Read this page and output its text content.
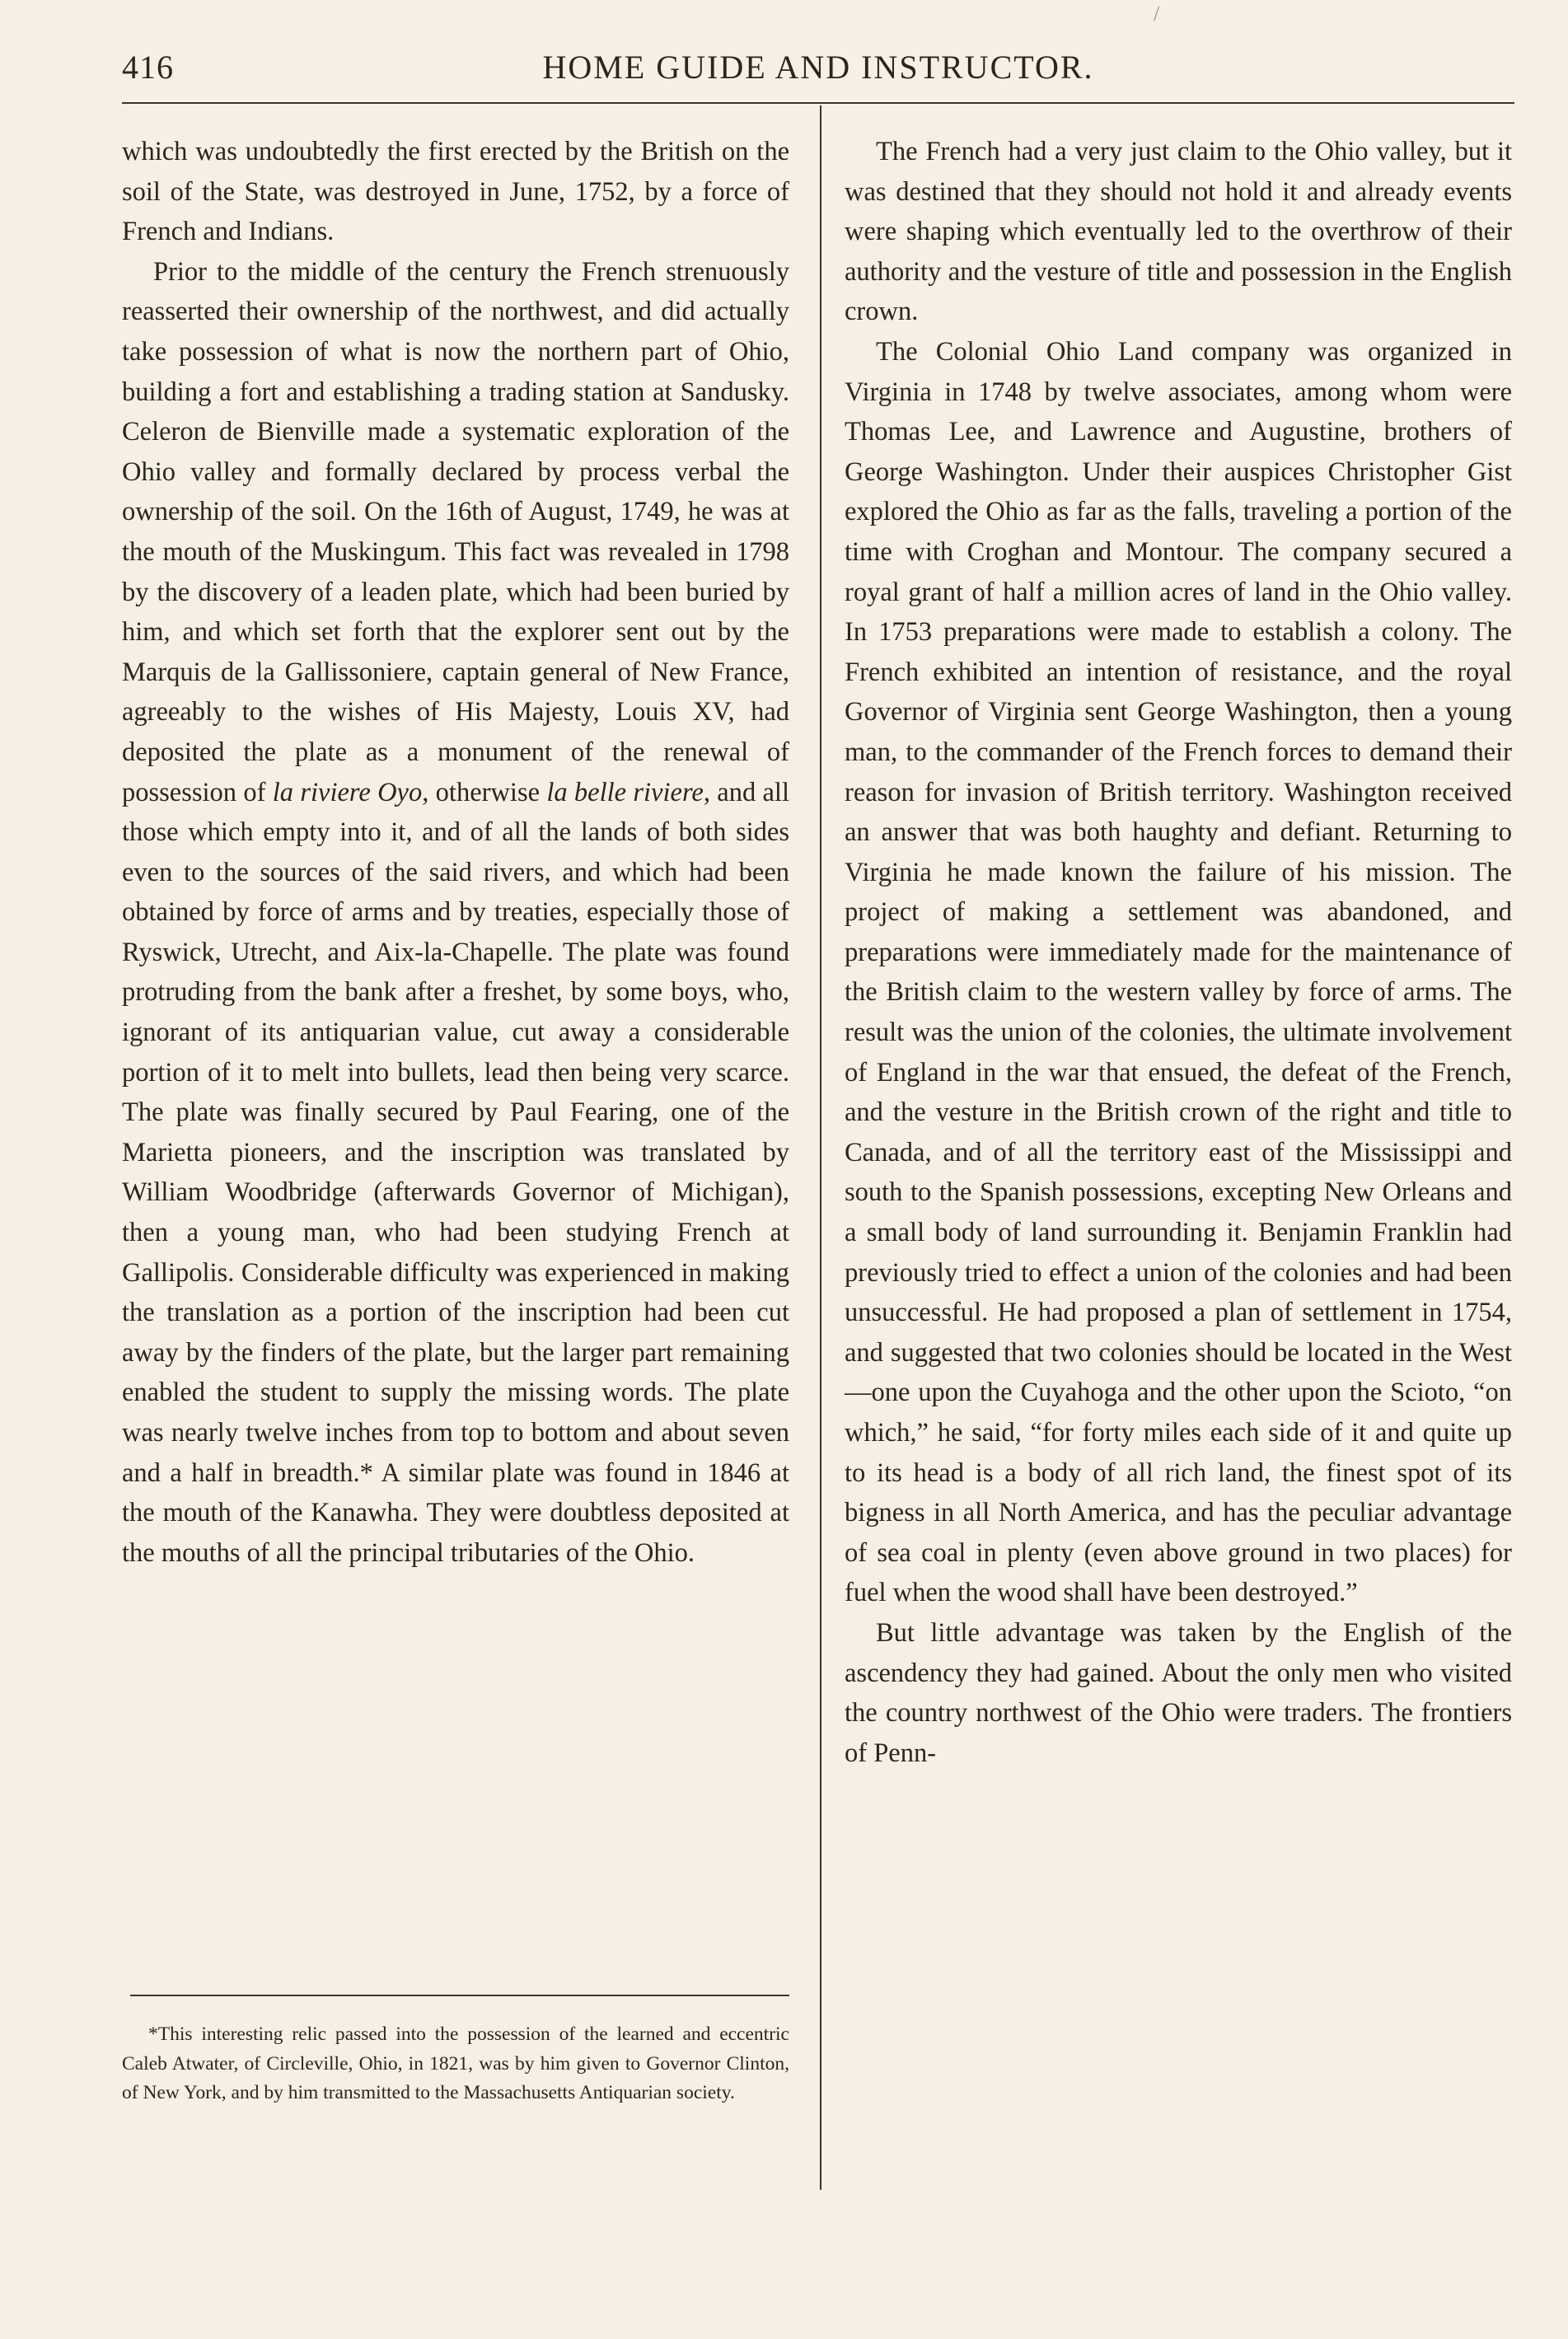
/
416	HOME GUIDE AND INSTRUCTOR.

which was undoubtedly the first erected by the British on the soil of the State, was destroyed in June, 1752, by a force of French and Indians.

Prior to the middle of the century the French strenuously reasserted their ownership of the northwest, and did actually take possession of what is now the northern part of Ohio, building a fort and establishing a trading station at Sandusky. Celeron de Bienville made a systematic exploration of the Ohio valley and formally declared by process verbal the ownership of the soil. On the 16th of August, 1749, he was at the mouth of the Muskingum. This fact was revealed in 1798 by the discovery of a leaden plate, which had been buried by him, and which set forth that the explorer sent out by the Marquis de la Gallissoniere, captain general of New France, agreeably to the wishes of His Majesty, Louis XV, had deposited the plate as a monument of the renewal of possession of la riviere Oyo, otherwise la belle riviere, and all those which empty into it, and of all the lands of both sides even to the sources of the said rivers, and which had been obtained by force of arms and by treaties, especially those of Ryswick, Utrecht, and Aix-la-Chapelle. The plate was found protruding from the bank after a freshet, by some boys, who, ignorant of its antiquarian value, cut away a considerable portion of it to melt into bullets, lead then being very scarce. The plate was finally secured by Paul Fearing, one of the Marietta pioneers, and the inscription was translated by William Woodbridge (afterwards Governor of Michigan), then a young man, who had been studying French at Gallipolis. Considerable difficulty was experienced in making the translation as a portion of the inscription had been cut away by the finders of the plate, but the larger part remaining enabled the student to supply the missing words. The plate was nearly twelve inches from top to bottom and about seven and a half in breadth.* A similar plate was found in 1846 at the mouth of the Kanawha. They were doubtless deposited at the mouths of all the principal tributaries of the Ohio.

*This interesting relic passed into the possession of the learned and eccentric Caleb Atwater, of Circleville, Ohio, in 1821, was by him given to Governor Clinton, of New York, and by him transmitted to the Massachusetts Antiquarian society.

The French had a very just claim to the Ohio valley, but it was destined that they should not hold it and already events were shaping which eventually led to the overthrow of their authority and the vesture of title and possession in the English crown.

The Colonial Ohio Land company was organized in Virginia in 1748 by twelve associates, among whom were Thomas Lee, and Lawrence and Augustine, brothers of George Washington. Under their auspices Christopher Gist explored the Ohio as far as the falls, traveling a portion of the time with Croghan and Montour. The company secured a royal grant of half a million acres of land in the Ohio valley. In 1753 preparations were made to establish a colony. The French exhibited an intention of resistance, and the royal Governor of Virginia sent George Washington, then a young man, to the commander of the French forces to demand their reason for invasion of British territory. Washington received an answer that was both haughty and defiant. Returning to Virginia he made known the failure of his mission. The project of making a settlement was abandoned, and preparations were immediately made for the maintenance of the British claim to the western valley by force of arms. The result was the union of the colonies, the ultimate involvement of England in the war that ensued, the defeat of the French, and the vesture in the British crown of the right and title to Canada, and of all the territory east of the Mississippi and south to the Spanish possessions, excepting New Orleans and a small body of land surrounding it. Benjamin Franklin had previously tried to effect a union of the colonies and had been unsuccessful. He had proposed a plan of settlement in 1754, and suggested that two colonies should be located in the West—one upon the Cuyahoga and the other upon the Scioto, “on which,” he said, “for forty miles each side of it and quite up to its head is a body of all rich land, the finest spot of its bigness in all North America, and has the peculiar advantage of sea coal in plenty (even above ground in two places) for fuel when the wood shall have been destroyed.”

But little advantage was taken by the English of the ascendency they had gained. About the only men who visited the country northwest of the Ohio were traders. The frontiers of Penn-
